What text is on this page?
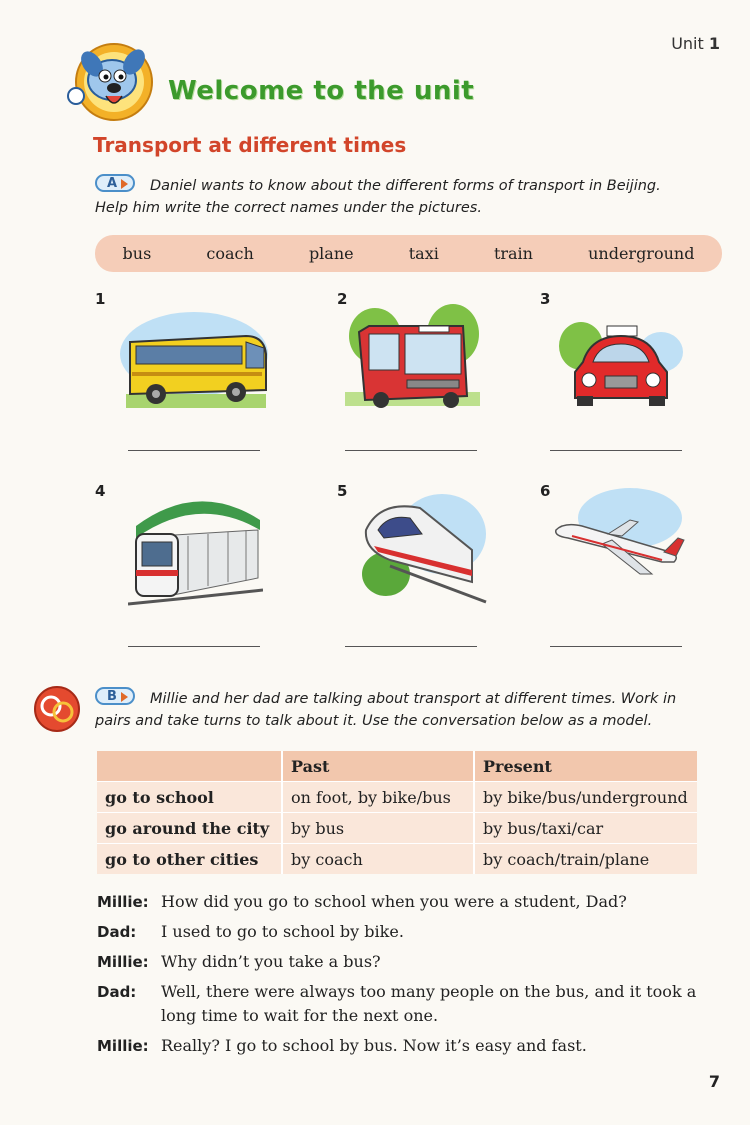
Unit 1
Welcome to the unit
Transport at different times
A Daniel wants to know about the different forms of transport in Beijing.
Help him write the correct names under the pictures.
bus	coach	plane	taxi	train	underground
1	2	3
4	5	6
B Millie and her dad are talking about transport at different times. Work in
pairs and take turns to talk about it. Use the conversation below as a model.
	Past	Present
go to school	on foot, by bike/bus	by bike/bus/underground
go around the city	by bus	by bus/taxi/car
go to other cities	by coach	by coach/train/plane
Millie: How did you go to school when you were a student, Dad?
Dad: I used to go to school by bike.
Millie: Why didn’t you take a bus?
Dad: Well, there were always too many people on the bus, and it took a long time to wait for the next one.
Millie: Really? I go to school by bus. Now it’s easy and fast.
7
